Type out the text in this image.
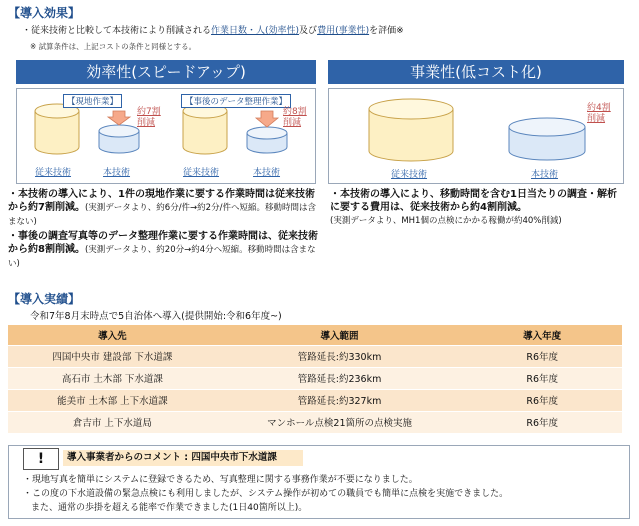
【導入効果】
・従来技術と比較して本技術により削減される作業日数・人(効率性)及び費用(事業性)を評価※
※ 試算条件は、上記コストの条件と同様とする。
効率性(スピードアップ)
【現地作業】
約7割削減
【事後のデータ整理作業】
約8割削減
従来技術	本技術	従来技術	本技術
事業性(低コスト化)
約4割削減
従来技術	本技術
・本技術の導入により、1件の現地作業に要する作業時間は従来技術から約7割削減。(実測データより、約6分/件→約2分/件へ短縮。移動時間は含まない)
・事後の調査写真等のデータ整理作業に要する作業時間は、従来技術から約8割削減。(実測データより、約20分→約4分へ短縮。移動時間は含まない)
・本技術の導入により、移動時間を含む1日当たりの調査・解析に要する費用は、従来技術から約4割削減。
(実測データより、MH1個の点検にかかる稼働が約40%削減)
【導入実績】
令和7年8月末時点で5自治体へ導入(提供開始:令和6年度~)
導入先	導入範囲	導入年度
四国中央市 建設部 下水道課	管路延長:約330km	R6年度
高石市 土木部 下水道課	管路延長:約236km	R6年度
能美市 土木部 上下水道課	管路延長:約327km	R6年度
倉吉市 上下水道局	マンホール点検21箇所の点検実施	R6年度
!	導入事業者からのコメント : 四国中央市下水道課
・現地写真を簡単にシステムに登録できるため、写真整理に関する事務作業が不要になりました。
・この度の下水道設備の緊急点検にも利用しましたが、システム操作が初めての職員でも簡単に点検を実施できました。
また、通常の歩掛を超える能率で作業できました(1日40箇所以上)。
